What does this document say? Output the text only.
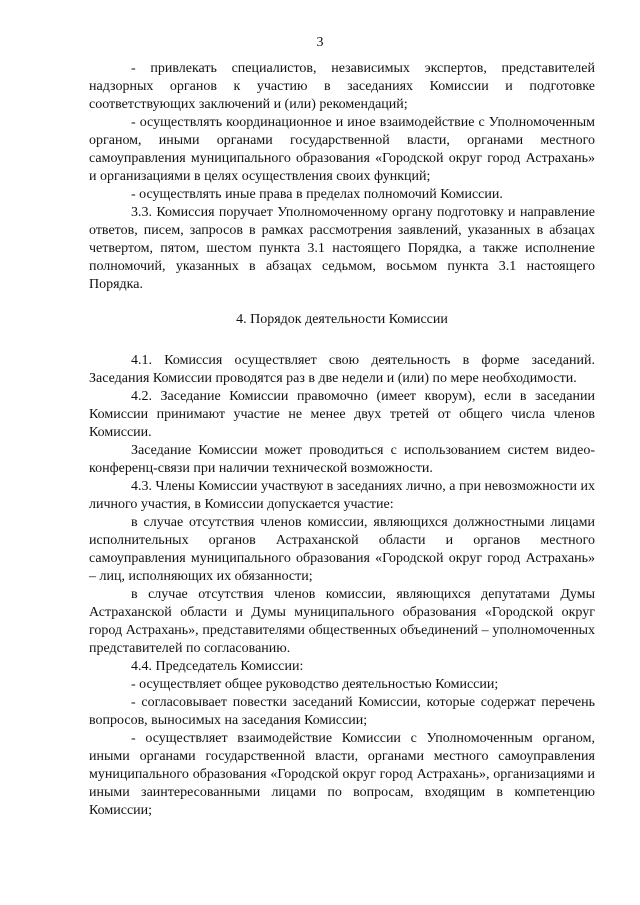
3

- привлекать специалистов, независимых экспертов, представителей надзорных органов к участию в заседаниях Комиссии и подготовке соответствующих заключений и (или) рекомендаций;

- осуществлять координационное и иное взаимодействие с Уполномоченным органом, иными органами государственной власти, органами местного самоуправления муниципального образования «Городской округ город Астрахань» и организациями в целях осуществления своих функций;

- осуществлять иные права в пределах полномочий Комиссии.

3.3. Комиссия поручает Уполномоченному органу подготовку и направление ответов, писем, запросов в рамках рассмотрения заявлений, указанных в абзацах четвертом, пятом, шестом пункта 3.1 настоящего Порядка, а также исполнение полномочий, указанных в абзацах седьмом, восьмом пункта 3.1 настоящего Порядка.

4. Порядок деятельности Комиссии

4.1. Комиссия осуществляет свою деятельность в форме заседаний. Заседания Комиссии проводятся раз в две недели и (или) по мере необходимости.

4.2. Заседание Комиссии правомочно (имеет кворум), если в заседании Комиссии принимают участие не менее двух третей от общего числа членов Комиссии.

Заседание Комиссии может проводиться с использованием систем видео-конференц-связи при наличии технической возможности.

4.3. Члены Комиссии участвуют в заседаниях лично, а при невозможности их личного участия, в Комиссии допускается участие:

в случае отсутствия членов комиссии, являющихся должностными лицами исполнительных органов Астраханской области и органов местного самоуправления муниципального образования «Городской округ город Астрахань» – лиц, исполняющих их обязанности;

в случае отсутствия членов комиссии, являющихся депутатами Думы Астраханской области и Думы муниципального образования «Городской округ город Астрахань», представителями общественных объединений – уполномоченных представителей по согласованию.

4.4. Председатель Комиссии:

- осуществляет общее руководство деятельностью Комиссии;

- согласовывает повестки заседаний Комиссии, которые содержат перечень вопросов, выносимых на заседания Комиссии;

- осуществляет взаимодействие Комиссии с Уполномоченным органом, иными органами государственной власти, органами местного самоуправления муниципального образования «Городской округ город Астрахань», организациями и иными заинтересованными лицами по вопросам, входящим в компетенцию Комиссии;
